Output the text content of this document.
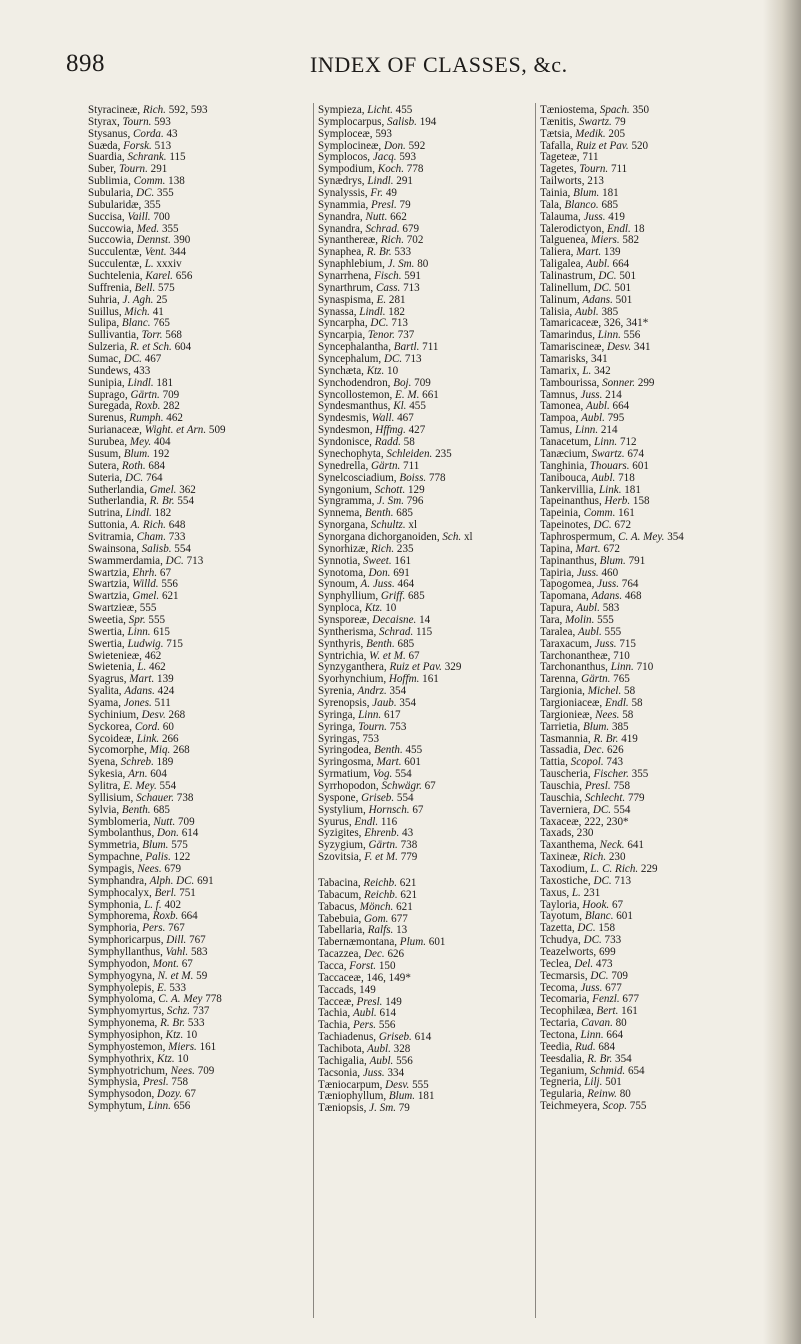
898	INDEX OF CLASSES, &c.
Styracineæ, Rich. 592, 593
Styrax, Tourn. 593
Stysanus, Corda. 43
Suæda, Forsk. 513
Suardia, Schrank. 115
Suber, Tourn. 291
Sublimia, Comm. 138
Subularia, DC. 355
Subularidæ, 355
Succisa, Vaill. 700
Succowia, Med. 355
Succowia, Dennst. 390
Succulentæ, Vent. 344
Succulentæ, L. xxxiv
Suchtelenia, Karel. 656
Suffrenia, Bell. 575
Suhria, J. Agh. 25
Suillus, Mich. 41
Sulipa, Blanc. 765
Sullivantia, Torr. 568
Sulzeria, R. et Sch. 604
Sumac, DC. 467
Sundews, 433
Sunipia, Lindl. 181
Suprago, Gärtn. 709
Suregada, Roxb. 282
Surenus, Rumph. 462
Surianaceæ, Wight. et Arn. 509
Surubea, Mey. 404
Susum, Blum. 192
Sutera, Roth. 684
Suteria, DC. 764
Sutherlandia, Gmel. 362
Sutherlandia, R. Br. 554
Sutrina, Lindl. 182
Suttonia, A. Rich. 648
Svitramia, Cham. 733
Swainsona, Salisb. 554
Swammerdamia, DC. 713
Swartzia, Ehrh. 67
Swartzia, Willd. 556
Swartzia, Gmel. 621
Swartzieæ, 555
Sweetia, Spr. 555
Swertia, Linn. 615
Swertia, Ludwig. 715
Swietenieæ, 462
Swietenia, L. 462
Syagrus, Mart. 139
Syalita, Adans. 424
Syama, Jones. 511
Sychinium, Desv. 268
Syckorea, Cord. 60
Sycoideæ, Link. 266
Sycomorphe, Miq. 268
Syena, Schreb. 189
Sykesia, Arn. 604
Sylitra, E. Mey. 554
Syllisium, Schauer. 738
Sylvia, Benth. 685
Symblomeria, Nutt. 709
Symbolanthus, Don. 614
Symmetria, Blum. 575
Sympachne, Palis. 122
Sympagis, Nees. 679
Symphandra, Alph. DC. 691
Symphocalyx, Berl. 751
Symphonia, L. f. 402
Symphorema, Roxb. 664
Symphoria, Pers. 767
Symphoricarpus, Dill. 767
Symphyllanthus, Vahl. 583
Symphyodon, Mont. 67
Symphyogyna, N. et M. 59
Symphyolepis, E. 533
Symphyoloma, C. A. Mey 778
Symphyomyrtus, Schz. 737
Symphyonema, R. Br. 533
Symphyosiphon, Ktz. 10
Symphyostemon, Miers. 161
Symphyothrix, Ktz. 10
Symphyotrichum, Nees. 709
Symphysia, Presl. 758
Symphysodon, Dozy. 67
Symphytum, Linn. 656
Sympieza, Licht. 455
Symplocarpus, Salisb. 194
Symploceæ, 593
Symplocineæ, Don. 592
Symplocos, Jacq. 593
Sympodium, Koch. 778
Synædrys, Lindl. 291
Synalyssis, Fr. 49
Synammia, Presl. 79
Synandra, Nutt. 662
Synandra, Schrad. 679
Synanthereæ, Rich. 702
Synaphea, R. Br. 533
Synaphlebium, J. Sm. 80
Synarrhena, Fisch. 591
Synarthrum, Cass. 713
Synaspisma, E. 281
Synassa, Lindl. 182
Syncarpha, DC. 713
Syncarpia, Tenor. 737
Syncephalantha, Bartl. 711
Syncephalum, DC. 713
Synchæta, Ktz. 10
Synchodendron, Boj. 709
Syncollostemon, E. M. 661
Syndesmanthus, Kl. 455
Syndesmis, Wall. 467
Syndesmon, Hffmg. 427
Syndonisce, Radd. 58
Synechophyta, Schleiden. 235
Synedrella, Gärtn. 711
Synelcosciadium, Boiss. 778
Syngonium, Schott. 129
Syngramma, J. Sm. 796
Synnema, Benth. 685
Synorgana, Schultz. xl
Synorgana dichorganoiden, Sch. xl
Synorhizæ, Rich. 235
Synnotia, Sweet. 161
Synotoma, Don. 691
Synoum, A. Juss. 464
Synphyllium, Griff. 685
Synploca, Ktz. 10
Synsporeæ, Decaisne. 14
Syntherisma, Schrad. 115
Synthyris, Benth. 685
Syntrichia, W. et M. 67
Synzyganthera, Ruiz et Pav. 329
Syorhynchium, Hoffm. 161
Syrenia, Andrz. 354
Syrenopsis, Jaub. 354
Syringa, Linn. 617
Syringa, Tourn. 753
Syringas, 753
Syringodea, Benth. 455
Syringosma, Mart. 601
Syrmatium, Vog. 554
Syrrhopodon, Schwägr. 67
Syspone, Griseb. 554
Systylium, Hornsch. 67
Syurus, Endl. 116
Syzigites, Ehrenb. 43
Syzygium, Gärtn. 738
Szovitsia, F. et M. 779
Tabacina, Reichb. 621
Tabacum, Reichb. 621
Tabacus, Mönch. 621
Tabebuia, Gom. 677
Tabellaria, Ralfs. 13
Tabernæmontana, Plum. 601
Tacazzea, Dec. 626
Tacca, Forst. 150
Taccaceæ, 146, 149*
Taccads, 149
Tacceæ, Presl. 149
Tachia, Aubl. 614
Tachia, Pers. 556
Tachiadenus, Griseb. 614
Tachibota, Aubl. 328
Tachigalia, Aubl. 556
Tacsonia, Juss. 334
Tæniocarpum, Desv. 555
Tæniophyllum, Blum. 181
Tæniopsis, J. Sm. 79
Tæniostema, Spach. 350
Tænitis, Swartz. 79
Tætsia, Medik. 205
Tafalla, Ruiz et Pav. 520
Tageteæ, 711
Tagetes, Tourn. 711
Tailworts, 213
Tainia, Blum. 181
Tala, Blanco. 685
Talauma, Juss. 419
Talerodictyon, Endl. 18
Talguenea, Miers. 582
Taliera, Mart. 139
Taligalea, Aubl. 664
Talinastrum, DC. 501
Talinellum, DC. 501
Talinum, Adans. 501
Talisia, Aubl. 385
Tamaricaceæ, 326, 341*
Tamarindus, Linn. 556
Tamariscineæ, Desv. 341
Tamarisks, 341
Tamarix, L. 342
Tambourissa, Sonner. 299
Tamnus, Juss. 214
Tamonea, Aubl. 664
Tampoa, Aubl. 795
Tamus, Linn. 214
Tanacetum, Linn. 712
Tanæcium, Swartz. 674
Tanghinia, Thouars. 601
Tanibouca, Aubl. 718
Tankervillia, Link. 181
Tapeinanthus, Herb. 158
Tapeinia, Comm. 161
Tapeinotes, DC. 672
Taphrospermum, C. A. Mey. 354
Tapina, Mart. 672
Tapinanthus, Blum. 791
Tapiria, Juss. 460
Tapogomea, Juss. 764
Tapomana, Adans. 468
Tapura, Aubl. 583
Tara, Molin. 555
Taralea, Aubl. 555
Taraxacum, Juss. 715
Tarchonantheæ, 710
Tarchonanthus, Linn. 710
Tarenna, Gärtn. 765
Targionia, Michel. 58
Targioniaceæ, Endl. 58
Targionieæ, Nees. 58
Tarrietia, Blum. 385
Tasmannia, R. Br. 419
Tassadia, Dec. 626
Tattia, Scopol. 743
Tauscheria, Fischer. 355
Tauschia, Presl. 758
Tauschia, Schlecht. 779
Taverniera, DC. 554
Taxaceæ, 222, 230*
Taxads, 230
Taxanthema, Neck. 641
Taxineæ, Rich. 230
Taxodium, L. C. Rich. 229
Taxostiche, DC. 713
Taxus, L. 231
Tayloria, Hook. 67
Tayotum, Blanc. 601
Tazetta, DC. 158
Tchudya, DC. 733
Teazelworts, 699
Teclea, Del. 473
Tecmarsis, DC. 709
Tecoma, Juss. 677
Tecomaria, Fenzl. 677
Tecophilæa, Bert. 161
Tectaria, Cavan. 80
Tectona, Linn. 664
Teedia, Rud. 684
Teesdalia, R. Br. 354
Teganium, Schmid. 654
Tegneria, Lilj. 501
Tegularia, Reinw. 80
Teichmeyera, Scop. 755
